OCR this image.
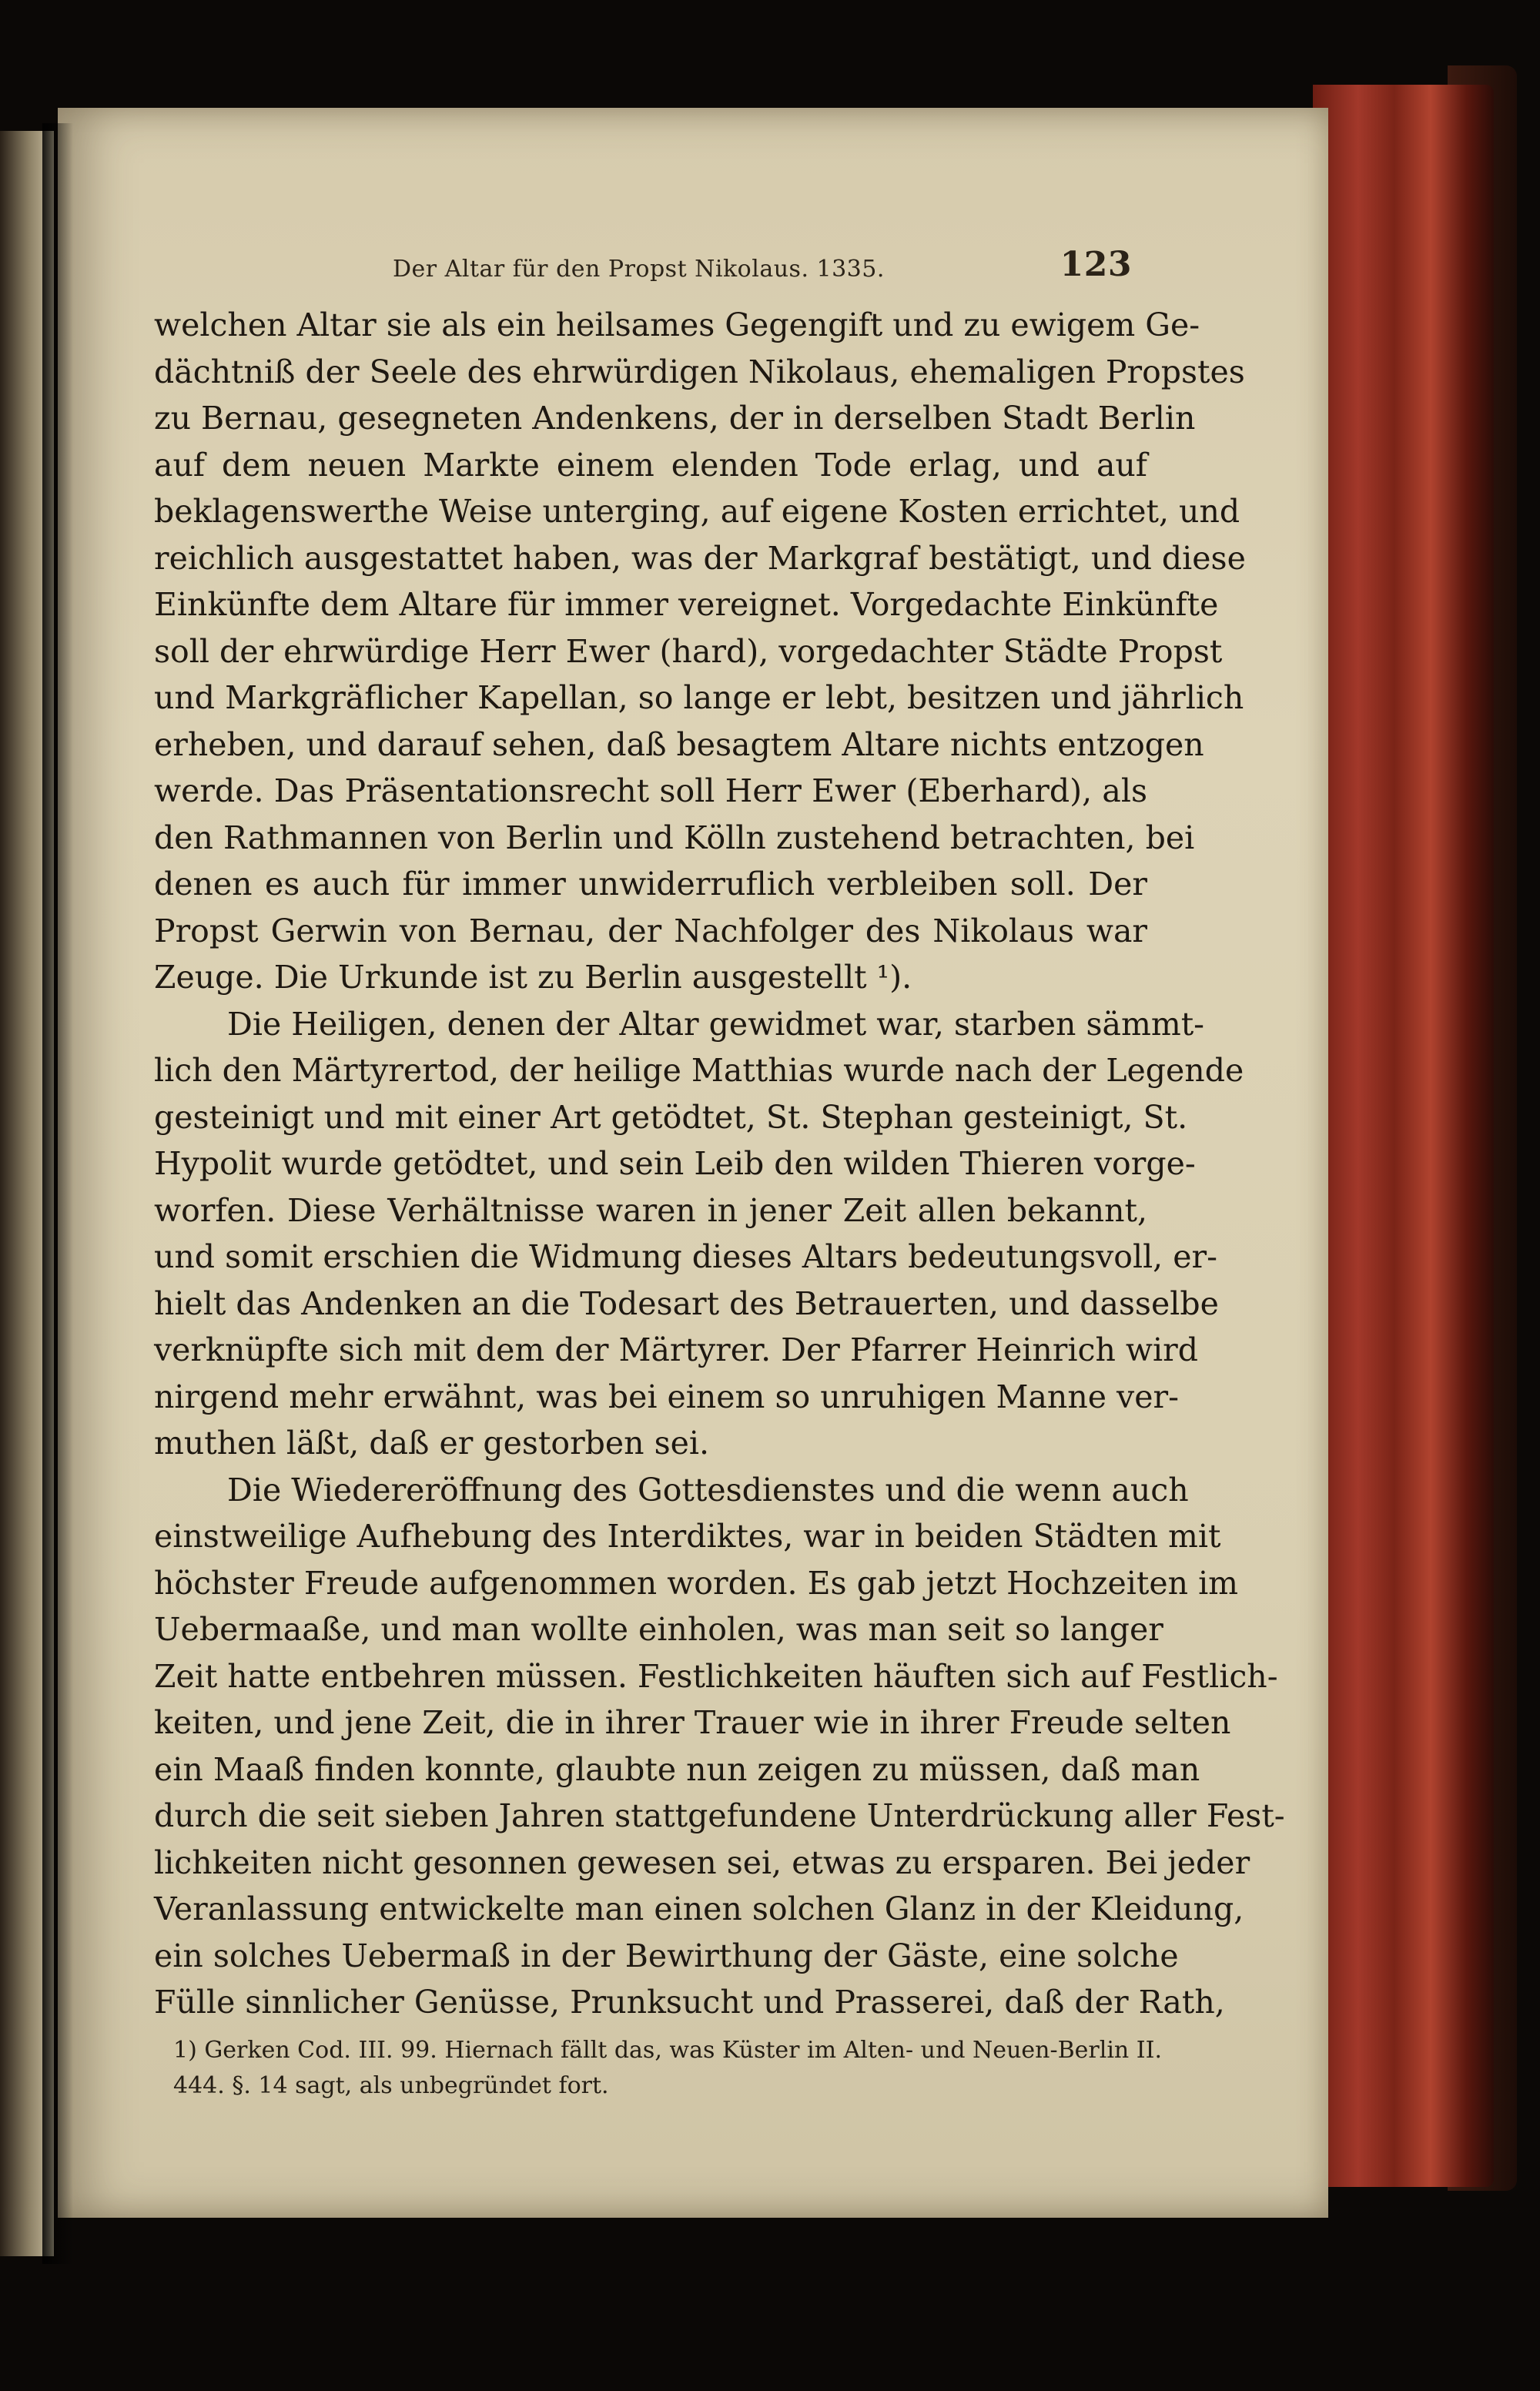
Der Altar für den Propst Nikolaus. 1335.	123
welchen Altar sie als ein heilsames Gegengift und zu ewigem Ge-
dächtniß der Seele des ehrwürdigen Nikolaus, ehemaligen Propstes
zu Bernau, gesegneten Andenkens, der in derselben Stadt Berlin
auf dem neuen Markte einem elenden Tode erlag, und auf
beklagenswerthe Weise unterging, auf eigene Kosten errichtet, und
reichlich ausgestattet haben, was der Markgraf bestätigt, und diese
Einkünfte dem Altare für immer vereignet. Vorgedachte Einkünfte
soll der ehrwürdige Herr Ewer (hard), vorgedachter Städte Propst
und Markgräflicher Kapellan, so lange er lebt, besitzen und jährlich
erheben, und darauf sehen, daß besagtem Altare nichts entzogen
werde. Das Präsentationsrecht soll Herr Ewer (Eberhard), als
den Rathmannen von Berlin und Kölln zustehend betrachten, bei
denen es auch für immer unwiderruflich verbleiben soll. Der
Propst Gerwin von Bernau, der Nachfolger des Nikolaus war
Zeuge. Die Urkunde ist zu Berlin ausgestellt ¹).
Die Heiligen, denen der Altar gewidmet war, starben sämmt-
lich den Märtyrertod, der heilige Matthias wurde nach der Legende
gesteinigt und mit einer Art getödtet, St. Stephan gesteinigt, St.
Hypolit wurde getödtet, und sein Leib den wilden Thieren vorge-
worfen. Diese Verhältnisse waren in jener Zeit allen bekannt,
und somit erschien die Widmung dieses Altars bedeutungsvoll, er-
hielt das Andenken an die Todesart des Betrauerten, und dasselbe
verknüpfte sich mit dem der Märtyrer. Der Pfarrer Heinrich wird
nirgend mehr erwähnt, was bei einem so unruhigen Manne ver-
muthen läßt, daß er gestorben sei.
Die Wiedereröffnung des Gottesdienstes und die wenn auch
einstweilige Aufhebung des Interdiktes, war in beiden Städten mit
höchster Freude aufgenommen worden. Es gab jetzt Hochzeiten im
Uebermaaße, und man wollte einholen, was man seit so langer
Zeit hatte entbehren müssen. Festlichkeiten häuften sich auf Festlich-
keiten, und jene Zeit, die in ihrer Trauer wie in ihrer Freude selten
ein Maaß finden konnte, glaubte nun zeigen zu müssen, daß man
durch die seit sieben Jahren stattgefundene Unterdrückung aller Fest-
lichkeiten nicht gesonnen gewesen sei, etwas zu ersparen. Bei jeder
Veranlassung entwickelte man einen solchen Glanz in der Kleidung,
ein solches Uebermaß in der Bewirthung der Gäste, eine solche
Fülle sinnlicher Genüsse, Prunksucht und Prasserei, daß der Rath,
1) Gerken Cod. III. 99. Hiernach fällt das, was Küster im Alten- und Neuen-Berlin II.
444. §. 14 sagt, als unbegründet fort.
